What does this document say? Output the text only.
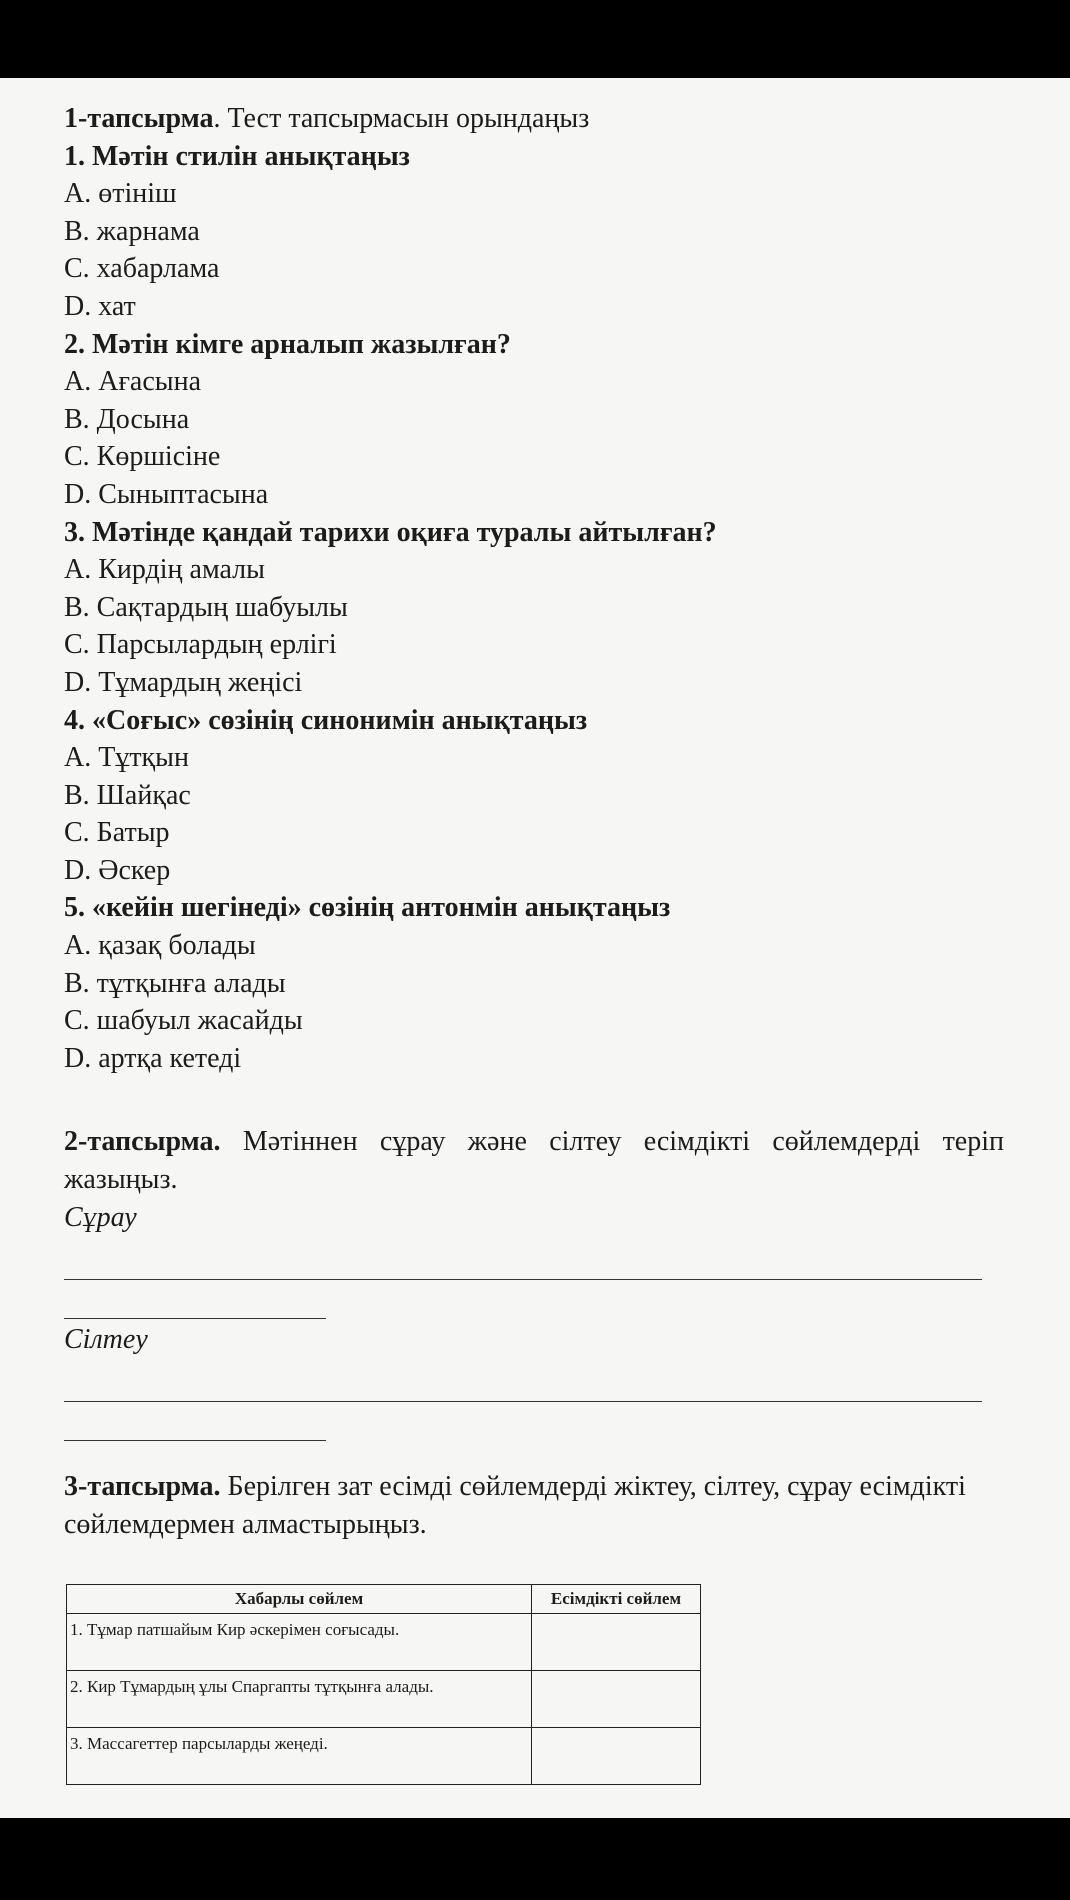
1-тапсырма. Тест тапсырмасын орындаңыз
1. Мәтін стилін анықтаңыз
A. өтініш
B. жарнама
C. хабарлама
D. хат
2. Мәтін кімге арналып жазылған?
A. Ағасына
B. Досына
C. Көршісіне
D. Сыныптасына
3. Мәтінде қандай тарихи оқиға туралы айтылған?
A. Кирдің амалы
B. Сақтардың шабуылы
C. Парсылардың ерлігі
D. Тұмардың жеңісі
4. «Соғыс» сөзінің синонимін анықтаңыз
A. Тұтқын
B. Шайқас
C. Батыр
D. Әскер
5. «кейін шегінеді» сөзінің антонмін анықтаңыз
A. қазақ болады
B. тұтқынға алады
C. шабуыл жасайды
D. артқа кетеді

2-тапсырма. Мәтіннен сұрау және сілтеу есімдікті сөйлемдерді теріп жазыңыз.

Сұрау
Сілтеу

3-тапсырма. Берілген зат есімді сөйлемдерді жіктеу, сілтеу, сұрау есімдікті сөйлемдермен алмастырыңыз.

Хабарлы сөйлем	Есімдікті сөйлем
1. Тұмар патшайым Кир әскерімен соғысады.	
2. Кир Тұмардың ұлы Спаргапты тұтқынға алады.	
3. Массагеттер парсыларды жеңеді.	
